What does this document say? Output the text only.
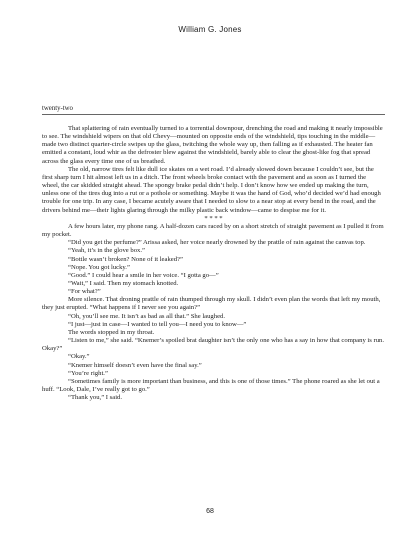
William G. Jones
twenty-two

That splattering of rain eventually turned to a torrential downpour, drenching the road and making it nearly impossible to see. The windshield wipers on that old Chevy—mounted on opposite ends of the windshield, tips touching in the middle—made two distinct quarter-circle swipes up the glass, twitching the whole way up, then falling as if exhausted. The heater fan emitted a constant, loud whir as the defroster blew against the windshield, barely able to clear the ghost-like fog that spread across the glass every time one of us breathed.

The old, narrow tires felt like dull ice skates on a wet road. I’d already slowed down because I couldn’t see, but the first sharp turn I hit almost left us in a ditch. The front wheels broke contact with the pavement and as soon as I turned the wheel, the car skidded straight ahead. The spongy brake pedal didn’t help. I don’t know how we ended up making the turn, unless one of the tires dug into a rut or a pothole or something. Maybe it was the hand of God, who’d decided we’d had enough trouble for one trip. In any case, I became acutely aware that I needed to slow to a near stop at every bend in the road, and the drivers behind me—their lights glaring through the milky plastic back window—came to despise me for it.

* * * *

A few hours later, my phone rang. A half-dozen cars raced by on a short stretch of straight pavement as I pulled it from my pocket.

“Did you get the perfume?” Arissa asked, her voice nearly drowned by the prattle of rain against the canvas top.

“Yeah, it’s in the glove box.”

“Bottle wasn’t broken? None of it leaked?”

“Nope. You got lucky.”

“Good.” I could hear a smile in her voice. “I gotta go—”

“Wait,” I said. Then my stomach knotted.

“For what?”

More silence. That droning prattle of rain thumped through my skull. I didn’t even plan the words that left my mouth, they just erupted. “What happens if I never see you again?”

“Oh, you’ll see me. It isn’t as bad as all that.” She laughed.

“I just—just in case—I wanted to tell you—I need you to know—”

The words stopped in my throat.

“Listen to me,” she said. “Knemer’s spoiled brat daughter isn’t the only one who has a say in how that company is run. Okay?”

“Okay.”

“Knemer himself doesn’t even have the final say.”

“You’re right.”

“Sometimes family is more important than business, and this is one of those times.” The phone roared as she let out a huff. “Look, Dale, I’ve really got to go.”

“Thank you,” I said.

68
